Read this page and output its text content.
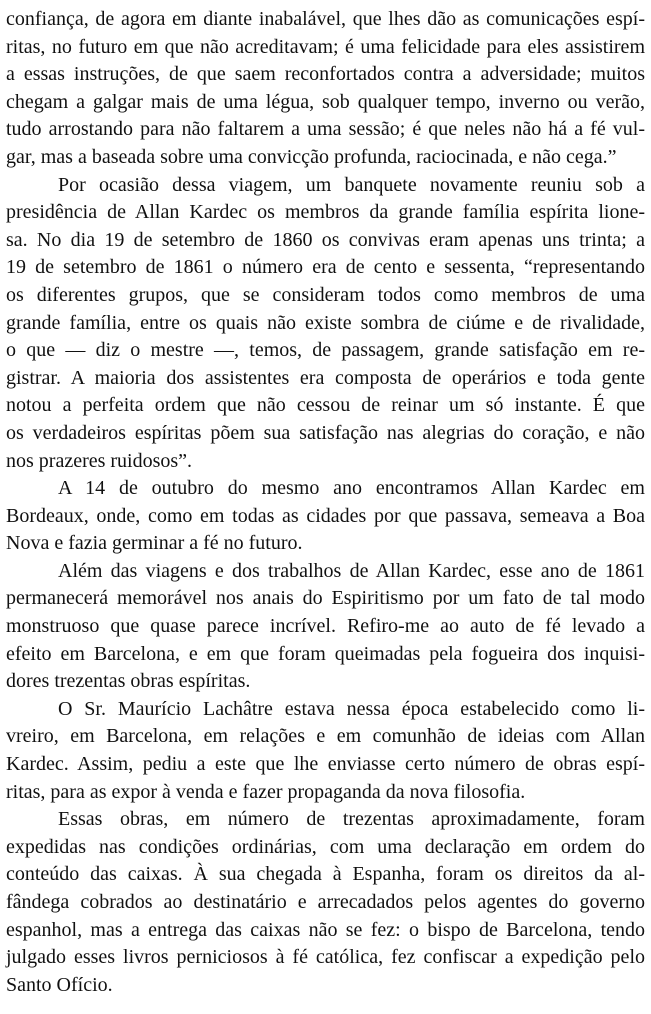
confiança, de agora em diante inabalável, que lhes dão as comunicações espí-
ritas, no futuro em que não acreditavam; é uma felicidade para eles assistirem
a essas instruções, de que saem reconfortados contra a adversidade; muitos
chegam a galgar mais de uma légua, sob qualquer tempo, inverno ou verão,
tudo arrostando para não faltarem a uma sessão; é que neles não há a fé vul-
gar, mas a baseada sobre uma convicção profunda, raciocinada, e não cega.”
Por ocasião dessa viagem, um banquete novamente reuniu sob a
presidência de Allan Kardec os membros da grande família espírita lione-
sa. No dia 19 de setembro de 1860 os convivas eram apenas uns trinta; a
19 de setembro de 1861 o número era de cento e sessenta, “representando
os diferentes grupos, que se consideram todos como membros de uma
grande família, entre os quais não existe sombra de ciúme e de rivalidade,
o que — diz o mestre —, temos, de passagem, grande satisfação em re-
gistrar. A maioria dos assistentes era composta de operários e toda gente
notou a perfeita ordem que não cessou de reinar um só instante. É que
os verdadeiros espíritas põem sua satisfação nas alegrias do coração, e não
nos prazeres ruidosos”.
A 14 de outubro do mesmo ano encontramos Allan Kardec em
Bordeaux, onde, como em todas as cidades por que passava, semeava a Boa
Nova e fazia germinar a fé no futuro.
Além das viagens e dos trabalhos de Allan Kardec, esse ano de 1861
permanecerá memorável nos anais do Espiritismo por um fato de tal modo
monstruoso que quase parece incrível. Refiro-me ao auto de fé levado a
efeito em Barcelona, e em que foram queimadas pela fogueira dos inquisi-
dores trezentas obras espíritas.
O Sr. Maurício Lachâtre estava nessa época estabelecido como li-
vreiro, em Barcelona, em relações e em comunhão de ideias com Allan
Kardec. Assim, pediu a este que lhe enviasse certo número de obras espí-
ritas, para as expor à venda e fazer propaganda da nova filosofia.
Essas obras, em número de trezentas aproximadamente, foram
expedidas nas condições ordinárias, com uma declaração em ordem do
conteúdo das caixas. À sua chegada à Espanha, foram os direitos da al-
fândega cobrados ao destinatário e arrecadados pelos agentes do governo
espanhol, mas a entrega das caixas não se fez: o bispo de Barcelona, tendo
julgado esses livros perniciosos à fé católica, fez confiscar a expedição pelo
Santo Ofício.
